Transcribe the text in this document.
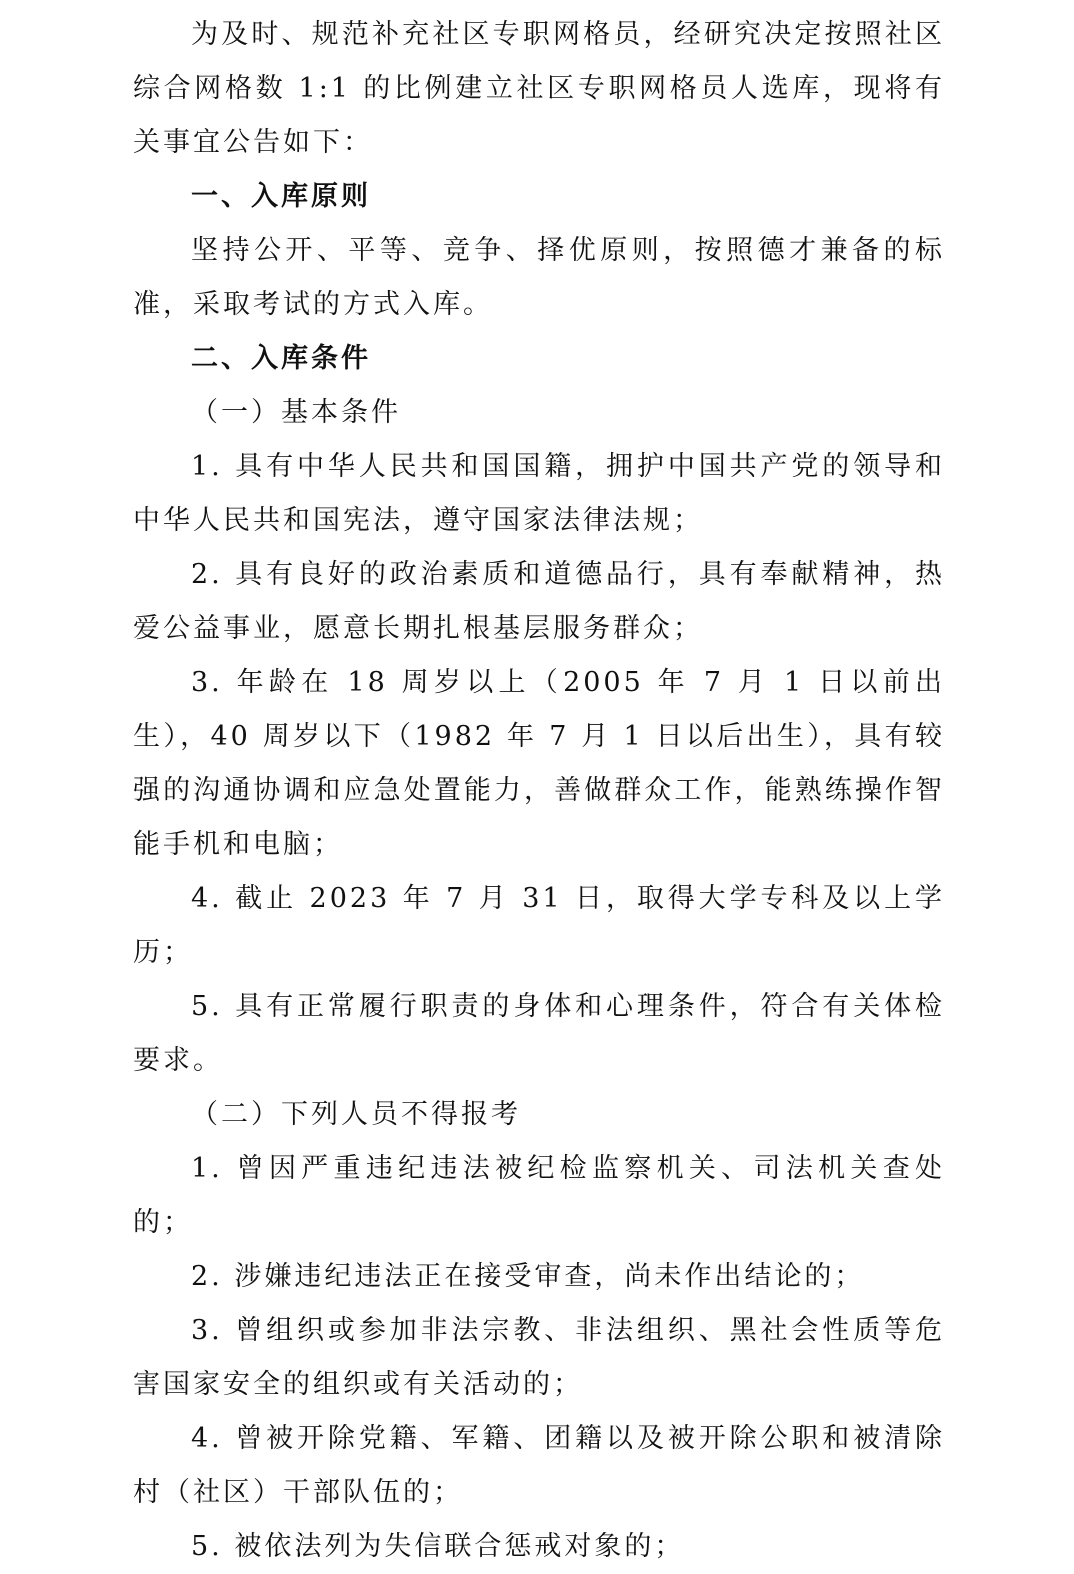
为及时、规范补充社区专职网格员，经研究决定按照社区综合网格数 1:1 的比例建立社区专职网格员人选库，现将有关事宜公告如下：

一、入库原则

坚持公开、平等、竞争、择优原则，按照德才兼备的标准，采取考试的方式入库。

二、入库条件

（一）基本条件

1. 具有中华人民共和国国籍，拥护中国共产党的领导和中华人民共和国宪法，遵守国家法律法规；

2. 具有良好的政治素质和道德品行，具有奉献精神，热爱公益事业，愿意长期扎根基层服务群众；

3. 年龄在 18 周岁以上（2005 年 7 月 1 日以前出生），40 周岁以下（1982 年 7 月 1 日以后出生），具有较强的沟通协调和应急处置能力，善做群众工作，能熟练操作智能手机和电脑；

4. 截止 2023 年 7 月 31 日，取得大学专科及以上学历；

5. 具有正常履行职责的身体和心理条件，符合有关体检要求。

（二）下列人员不得报考

1. 曾因严重违纪违法被纪检监察机关、司法机关查处的；

2. 涉嫌违纪违法正在接受审查，尚未作出结论的；

3. 曾组织或参加非法宗教、非法组织、黑社会性质等危害国家安全的组织或有关活动的；

4. 曾被开除党籍、军籍、团籍以及被开除公职和被清除村（社区）干部队伍的；

5. 被依法列为失信联合惩戒对象的；
